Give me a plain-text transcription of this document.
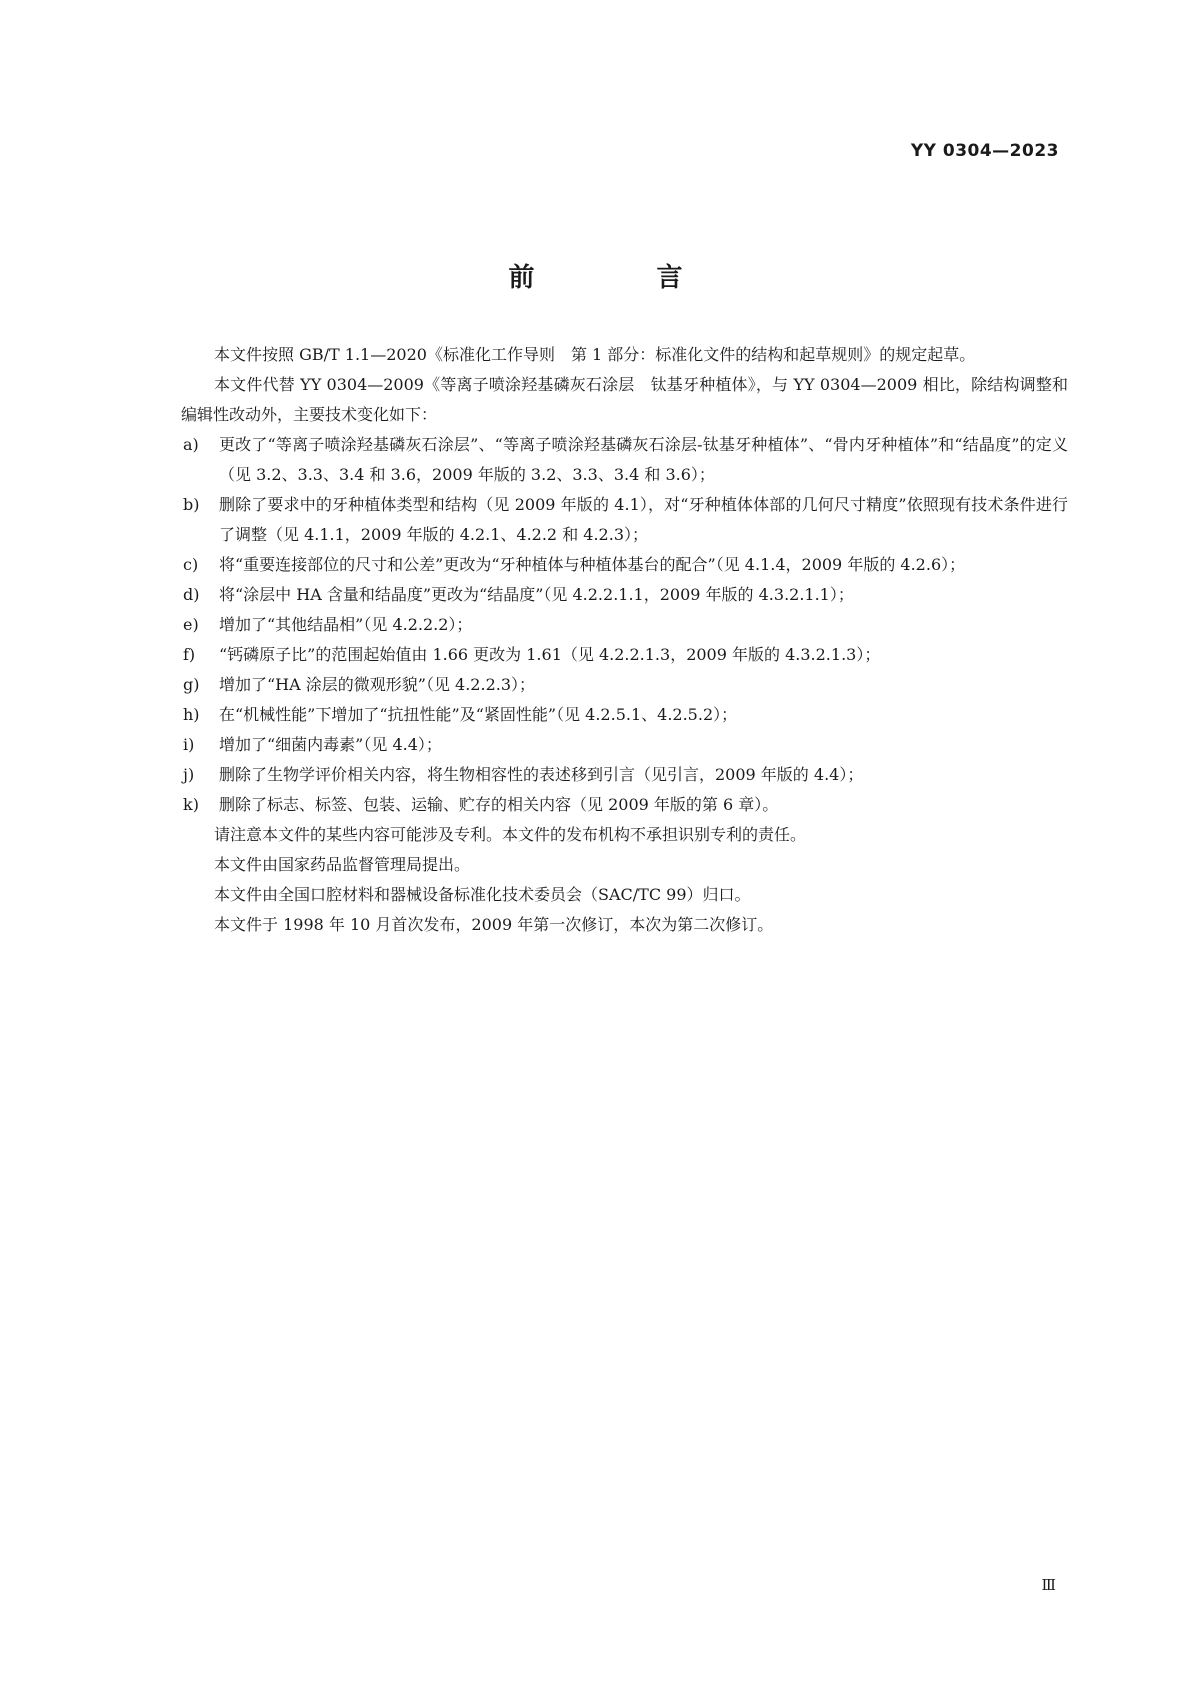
YY 0304—2023
前　言

本文件按照 GB/T 1.1—2020《标准化工作导则　第 1 部分：标准化文件的结构和起草规则》的规定起草。

本文件代替 YY 0304—2009《等离子喷涂羟基磷灰石涂层　钛基牙种植体》，与 YY 0304—2009 相比，除结构调整和编辑性改动外，主要技术变化如下：

a) 更改了“等离子喷涂羟基磷灰石涂层”、“等离子喷涂羟基磷灰石涂层-钛基牙种植体”、“骨内牙种植体”和“结晶度”的定义（见 3.2、3.3、3.4 和 3.6，2009 年版的 3.2、3.3、3.4 和 3.6）；
b) 删除了要求中的牙种植体类型和结构（见 2009 年版的 4.1），对“牙种植体体部的几何尺寸精度”依照现有技术条件进行了调整（见 4.1.1，2009 年版的 4.2.1、4.2.2 和 4.2.3）；
c) 将“重要连接部位的尺寸和公差”更改为“牙种植体与种植体基台的配合”（见 4.1.4，2009 年版的 4.2.6）；
d) 将“涂层中 HA 含量和结晶度”更改为“结晶度”（见 4.2.2.1.1，2009 年版的 4.3.2.1.1）；
e) 增加了“其他结晶相”（见 4.2.2.2）；
f) “钙磷原子比”的范围起始值由 1.66 更改为 1.61（见 4.2.2.1.3，2009 年版的 4.3.2.1.3）；
g) 增加了“HA 涂层的微观形貌”（见 4.2.2.3）；
h) 在“机械性能”下增加了“抗扭性能”及“紧固性能”（见 4.2.5.1、4.2.5.2）；
i) 增加了“细菌内毒素”（见 4.4）；
j) 删除了生物学评价相关内容，将生物相容性的表述移到引言（见引言，2009 年版的 4.4）；
k) 删除了标志、标签、包装、运输、贮存的相关内容（见 2009 年版的第 6 章）。

请注意本文件的某些内容可能涉及专利。本文件的发布机构不承担识别专利的责任。

本文件由国家药品监督管理局提出。

本文件由全国口腔材料和器械设备标准化技术委员会（SAC/TC 99）归口。

本文件于 1998 年 10 月首次发布，2009 年第一次修订，本次为第二次修订。

Ⅲ
